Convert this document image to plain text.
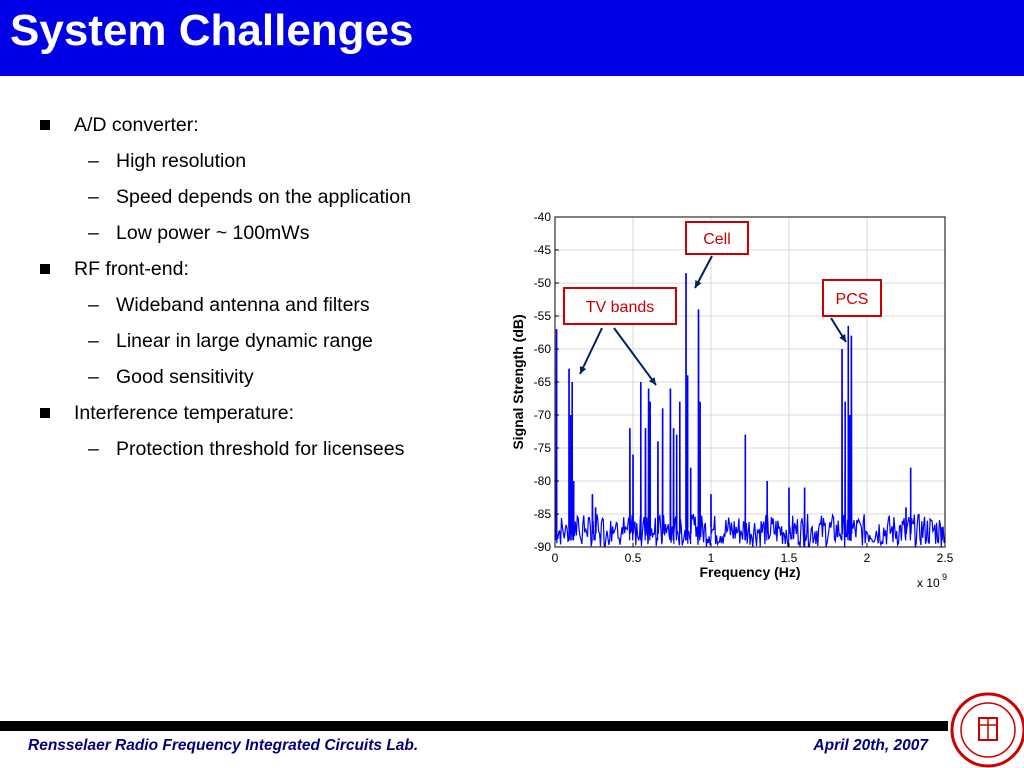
System Challenges
A/D converter:
– High resolution
– Speed depends on the application
– Low power ~ 100mWs
RF front-end:
– Wideband antenna and filters
– Linear in large dynamic range
– Good sensitivity
Interference temperature:
– Protection threshold for licensees
-40
-45
-50
-55
-60
-65
-70
-75
-80
-85
-90
0	0.5	1	1.5	2	2.5
Frequency (Hz)
Signal Strength (dB)
x 10 9
Cell
TV bands	PCS
Rensselaer Radio Frequency Integrated Circuits Lab.	April 20th, 2007
